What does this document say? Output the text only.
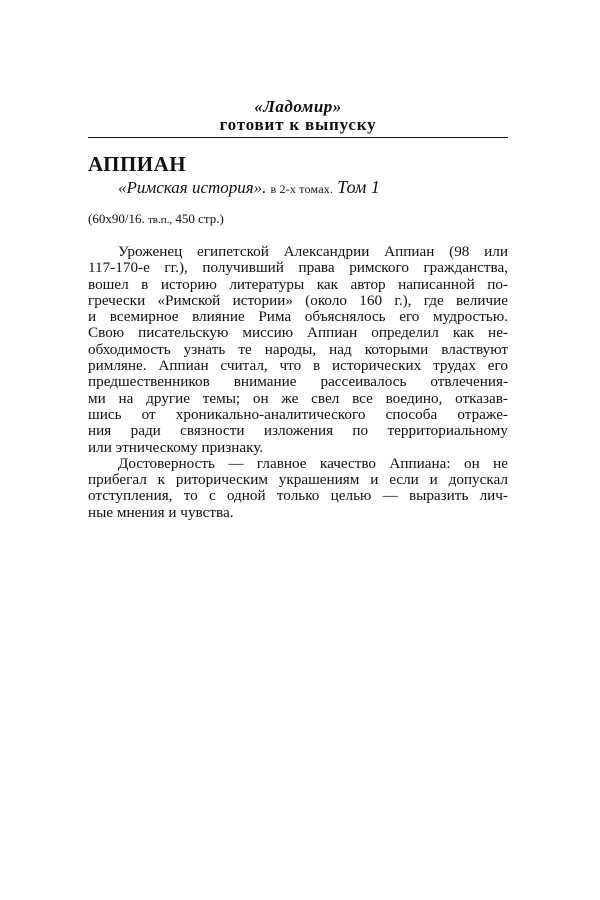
«Ладомир»
готовит к выпуску
АППИАН
«Римская история». в 2-х томах. Том 1
(60x90/16. тв.п., 450 стр.)
Уроженец египетской Александрии Аппиан (98 или
117-170-е гг.), получивший права римского гражданства,
вошел в историю литературы как автор написанной по-
гречески «Римской истории» (около 160 г.), где величие
и всемирное влияние Рима объяснялось его мудростью.
Свою писательскую миссию Аппиан определил как не-
обходимость узнать те народы, над которыми властвуют
римляне. Аппиан считал, что в исторических трудах его
предшественников внимание рассеивалось отвлечения-
ми на другие темы; он же свел все воедино, отказав-
шись от хроникально-аналитического способа отраже-
ния ради связности изложения по территориальному
или этническому признаку.
Достоверность — главное качество Аппиана: он не
прибегал к риторическим украшениям и если и допускал
отступления, то с одной только целью — выразить лич-
ные мнения и чувства.
